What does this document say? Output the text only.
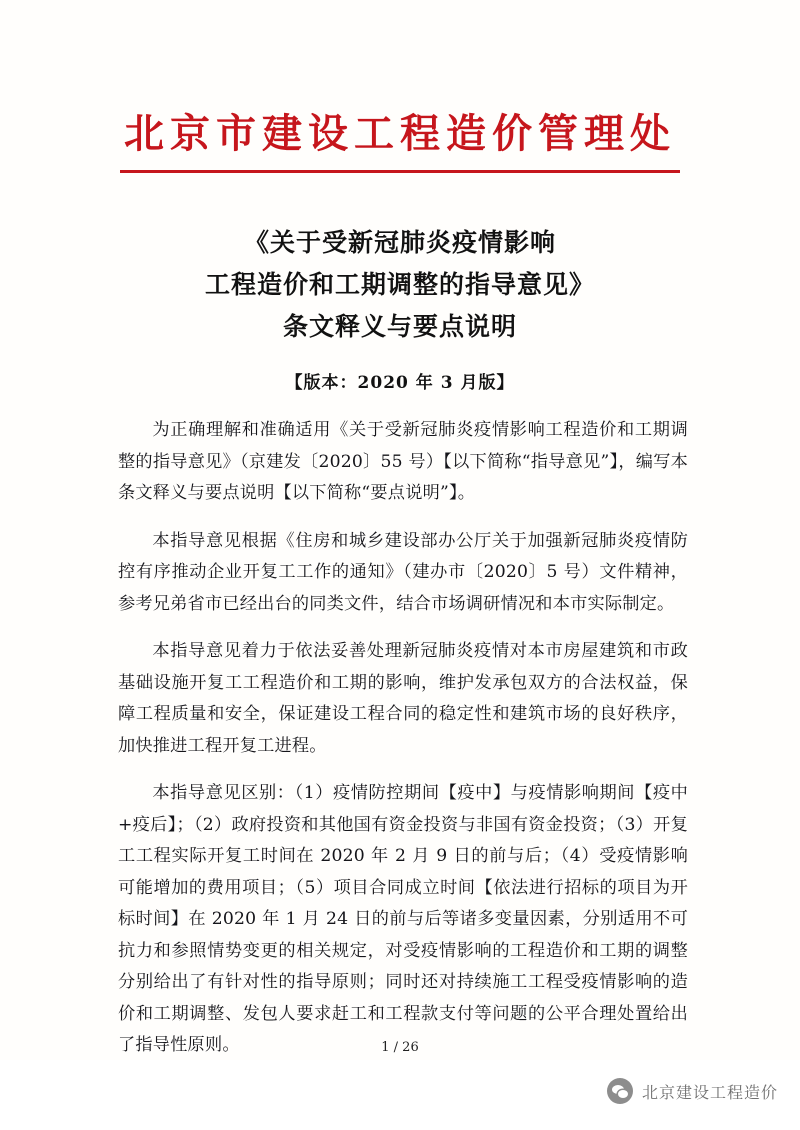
北京市建设工程造价管理处
《关于受新冠肺炎疫情影响
工程造价和工期调整的指导意见》
条文释义与要点说明
【版本：2020 年 3 月版】

为正确理解和准确适用《关于受新冠肺炎疫情影响工程造价和工期调整的指导意见》（京建发〔2020〕55 号）【以下简称“指导意见”】，编写本条文释义与要点说明【以下简称“要点说明”】。

本指导意见根据《住房和城乡建设部办公厅关于加强新冠肺炎疫情防控有序推动企业开复工工作的通知》（建办市〔2020〕5 号）文件精神，参考兄弟省市已经出台的同类文件，结合市场调研情况和本市实际制定。

本指导意见着力于依法妥善处理新冠肺炎疫情对本市房屋建筑和市政基础设施开复工工程造价和工期的影响，维护发承包双方的合法权益，保障工程质量和安全，保证建设工程合同的稳定性和建筑市场的良好秩序，加快推进工程开复工进程。

本指导意见区别：（1）疫情防控期间【疫中】与疫情影响期间【疫中+疫后】；（2）政府投资和其他国有资金投资与非国有资金投资；（3）开复工工程实际开复工时间在 2020 年 2 月 9 日的前与后；（4）受疫情影响可能增加的费用项目；（5）项目合同成立时间【依法进行招标的项目为开标时间】在 2020 年 1 月 24 日的前与后等诸多变量因素，分别适用不可抗力和参照情势变更的相关规定，对受疫情影响的工程造价和工期的调整分别给出了有针对性的指导原则；同时还对持续施工工程受疫情影响的造价和工期调整、发包人要求赶工和工程款支付等问题的公平合理处置给出了指导性原则。	1 / 26
北京建设工程造价
